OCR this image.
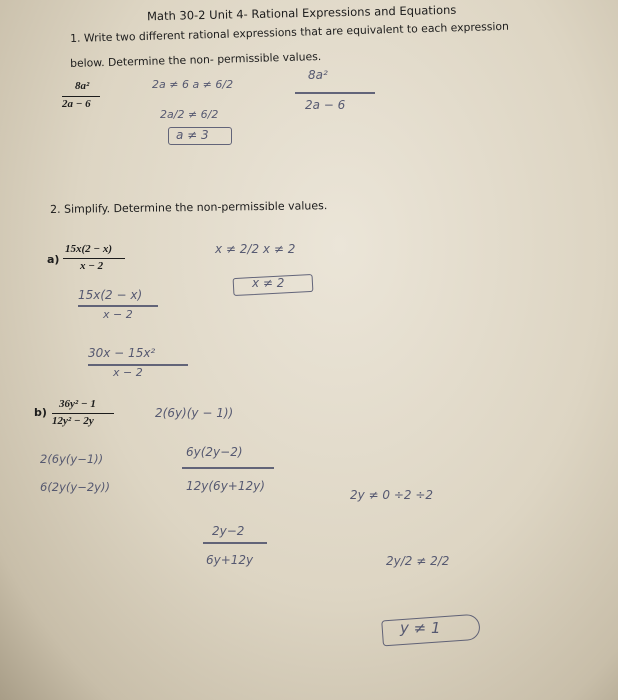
Math 30-2 Unit 4- Rational Expressions and Equations
1. Write two different rational expressions that are equivalent to each expression
below. Determine the non- permissible values.
8a²
2a − 6
2a ≠ 6 a ≠ 6/2
8a²
2a − 6
2a/2 ≠ 6/2
a ≠ 3
2. Simplify. Determine the non-permissible values.
a)
15x(2 − x)
x − 2
x ≠ 2/2 x ≠ 2
x ≠ 2
15x(2 − x)
x − 2
30x − 15x²
x − 2
b)
36y² − 1
12y² − 2y
2(6y)(y − 1))
2(6y(y−1))
6(2y(y−2y))
6y(2y−2)
12y(6y+12y)
2y−2
6y+12y
2y ≠ 0 ÷2 ÷2
2y/2 ≠ 2/2
y ≠ 1
